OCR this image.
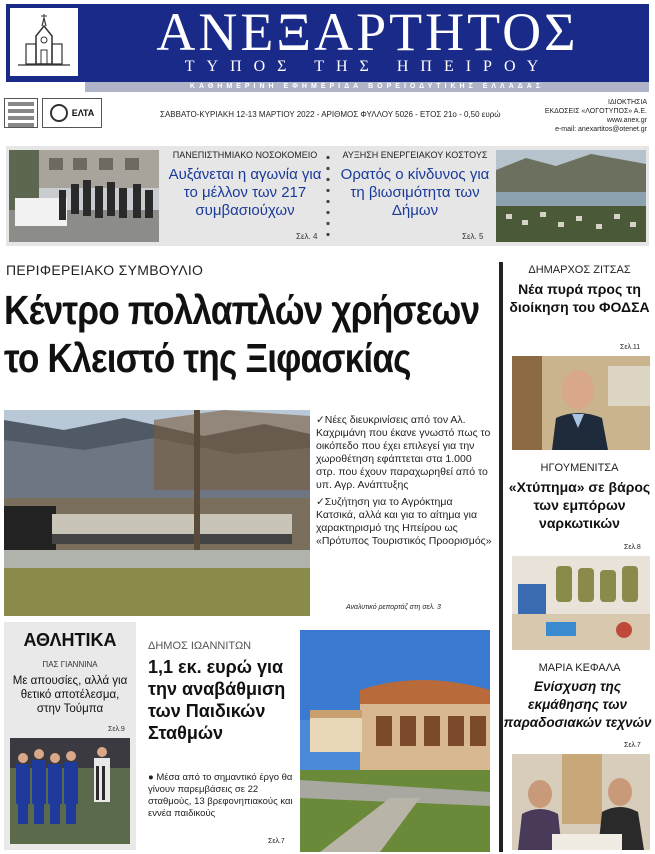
ΑΝΕΞΑΡΤΗΤΟΣ
ΤΥΠΟΣ ΤΗΣ ΗΠΕΙΡΟΥ
ΚΑΘΗΜΕΡΙΝΗ ΕΦΗΜΕΡΙΔΑ ΒΟΡΕΙΟΔΥΤΙΚΗΣ ΕΛΛΑΔΑΣ
ΕΛΤΑ	ΣΑΒΒΑΤΟ-ΚΥΡΙΑΚΗ 12-13 ΜΑΡΤΙΟΥ 2022 - ΑΡΙΘΜΟΣ ΦΥΛΛΟΥ 5026 - ΕΤΟΣ 21ο - 0,50 ευρώ
ΙΔΙΟΚΤΗΣΙΑ
ΕΚΔΟΣΕΙΣ «ΛΟΓΟΤΥΠΟΣ» Α.Ε.
www.anex.gr
e-mail: anexartitos@otenet.gr
ΠΑΝΕΠΙΣΤΗΜΙΑΚΟ ΝΟΣΟΚΟΜΕΙΟ
Αυξάνεται η αγωνία για το μέλλον των 217 συμβασιούχων
Σελ. 4
ΑΥΞΗΣΗ ΕΝΕΡΓΕΙΑΚΟΥ ΚΟΣΤΟΥΣ
Ορατός ο κίνδυνος για τη βιωσιμότητα των Δήμων
Σελ. 5
ΠΕΡΙΦΕΡΕΙΑΚΟ ΣΥΜΒΟΥΛΙΟ
Κέντρο πολλαπλών χρήσεων
το Κλειστό της Ξιφασκίας

✓Νέες διευκρινίσεις από τον Αλ. Καχριμάνη που έκανε γνωστό πως το οικόπεδο που έχει επιλεγεί για την χωροθέτηση εφάπτεται στα 1.000 στρ. που έχουν παραχωρηθεί από το υπ. Αγρ. Ανάπτυξης

✓Συζήτηση για το Αγρόκτημα Κατσικά, αλλά και για το αίτημα για χαρακτηρισμό της Ηπείρου ως «Πρότυπος Τουριστικός Προορισμός»

Αναλυτικό ρεπορτάζ στη σελ. 3
ΔΗΜΑΡΧΟΣ ΖΙΤΣΑΣ
Νέα πυρά προς τη διοίκηση του ΦΟΔΣΑ
Σελ.11
ΗΓΟΥΜΕΝΙΤΣΑ
«Χτύπημα» σε βάρος των εμπόρων ναρκωτικών
Σελ.8
ΜΑΡΙΑ ΚΕΦΑΛΑ
Ενίσχυση της εκμάθησης των παραδοσιακών τεχνών
Σελ.7
ΑΘΛΗΤΙΚΑ
ΠΑΣ ΓΙΑΝΝΙΝΑ
Με απουσίες, αλλά για θετικό αποτέλεσμα, στην Τούμπα
Σελ.9
ΔΗΜΟΣ ΙΩΑΝΝΙΤΩΝ
1,1 εκ. ευρώ για την αναβάθμιση των Παιδικών Σταθμών
● Μέσα από το σημαντικό έργο θα γίνουν παρεμβάσεις σε 22 σταθμούς, 13 βρεφονηπιακούς και εννέα παιδικούς
Σελ.7
